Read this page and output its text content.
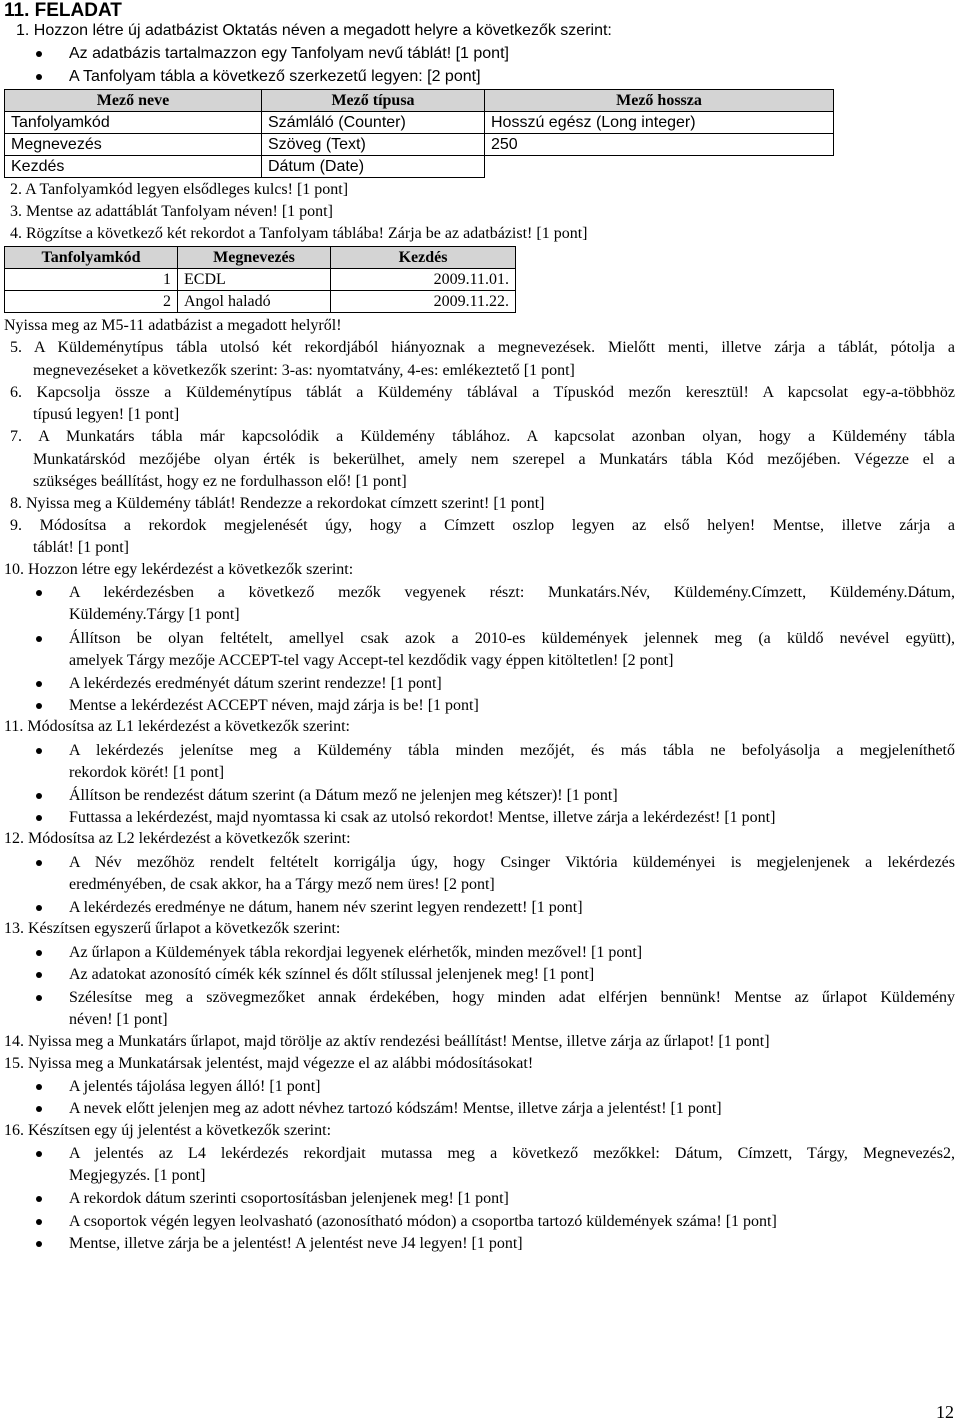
11. FELADAT
1. Hozzon létre új adatbázist Oktatás néven a megadott helyre a következők szerint:
Az adatbázis tartalmazzon egy Tanfolyam nevű táblát! [1 pont]
A Tanfolyam tábla a következő szerkezetű legyen: [2 pont]
Mező neve	Mező típusa	Mező hossza
Tanfolyamkód	Számláló (Counter)	Hosszú egész (Long integer)
Megnevezés	Szöveg (Text)	250
Kezdés	Dátum (Date)	
2. A Tanfolyamkód legyen elsődleges kulcs! [1 pont]
3. Mentse az adattáblát Tanfolyam néven! [1 pont]
4. Rögzítse a következő két rekordot a Tanfolyam táblába! Zárja be az adatbázist! [1 pont]
Tanfolyamkód	Megnevezés	Kezdés
1	ECDL	2009.11.01.
2	Angol haladó	2009.11.22.
Nyissa meg az M5-11 adatbázist a megadott helyről!
5. A Küldeménytípus tábla utolsó két rekordjából hiányoznak a megnevezések. Mielőtt menti, illetve zárja a táblát, pótolja a
megnevezéseket a következők szerint: 3-as: nyomtatvány, 4-es: emlékeztető [1 pont]
6. Kapcsolja össze a Küldeménytípus táblát a Küldemény táblával a Típuskód mezőn keresztül! A kapcsolat egy-a-többhöz
típusú legyen! [1 pont]
7. A Munkatárs tábla már kapcsolódik a Küldemény táblához. A kapcsolat azonban olyan, hogy a Küldemény tábla
Munkatárskód mezőjébe olyan érték is bekerülhet, amely nem szerepel a Munkatárs tábla Kód mezőjében. Végezze el a
szükséges beállítást, hogy ez ne fordulhasson elő! [1 pont]
8. Nyissa meg a Küldemény táblát! Rendezze a rekordokat címzett szerint! [1 pont]
9. Módosítsa a rekordok megjelenését úgy, hogy a Címzett oszlop legyen az első helyen! Mentse, illetve zárja a
táblát! [1 pont]
10. Hozzon létre egy lekérdezést a következők szerint:
A lekérdezésben a következő mezők vegyenek részt: Munkatárs.Név, Küldemény.Címzett, Küldemény.Dátum,
Küldemény.Tárgy [1 pont]
Állítson be olyan feltételt, amellyel csak azok a 2010-es küldemények jelennek meg (a küldő nevével együtt),
amelyek Tárgy mezője ACCEPT-tel vagy Accept-tel kezdődik vagy éppen kitöltetlen! [2 pont]
A lekérdezés eredményét dátum szerint rendezze! [1 pont]
Mentse a lekérdezést ACCEPT néven, majd zárja is be! [1 pont]
11. Módosítsa az L1 lekérdezést a következők szerint:
A lekérdezés jelenítse meg a Küldemény tábla minden mezőjét, és más tábla ne befolyásolja a megjeleníthető
rekordok körét! [1 pont]
Állítson be rendezést dátum szerint (a Dátum mező ne jelenjen meg kétszer)! [1 pont]
Futtassa a lekérdezést, majd nyomtassa ki csak az utolsó rekordot! Mentse, illetve zárja a lekérdezést! [1 pont]
12. Módosítsa az L2 lekérdezést a következők szerint:
A Név mezőhöz rendelt feltételt korrigálja úgy, hogy Csinger Viktória küldeményei is megjelenjenek a lekérdezés
eredményében, de csak akkor, ha a Tárgy mező nem üres! [2 pont]
A lekérdezés eredménye ne dátum, hanem név szerint legyen rendezett! [1 pont]
13. Készítsen egyszerű űrlapot a következők szerint:
Az űrlapon a Küldemények tábla rekordjai legyenek elérhetők, minden mezővel! [1 pont]
Az adatokat azonosító címék kék színnel és dőlt stílussal jelenjenek meg! [1 pont]
Szélesítse meg a szövegmezőket annak érdekében, hogy minden adat elférjen bennünk! Mentse az űrlapot Küldemény
néven! [1 pont]
14. Nyissa meg a Munkatárs űrlapot, majd törölje az aktív rendezési beállítást! Mentse, illetve zárja az űrlapot! [1 pont]
15. Nyissa meg a Munkatársak jelentést, majd végezze el az alábbi módosításokat!
A jelentés tájolása legyen álló! [1 pont]
A nevek előtt jelenjen meg az adott névhez tartozó kódszám! Mentse, illetve zárja a jelentést! [1 pont]
16. Készítsen egy új jelentést a következők szerint:
A jelentés az L4 lekérdezés rekordjait mutassa meg a következő mezőkkel: Dátum, Címzett, Tárgy, Megnevezés2,
Megjegyzés. [1 pont]
A rekordok dátum szerinti csoportosításban jelenjenek meg! [1 pont]
A csoportok végén legyen leolvasható (azonosítható módon) a csoportba tartozó küldemények száma! [1 pont]
Mentse, illetve zárja be a jelentést! A jelentést neve J4 legyen! [1 pont]
12
